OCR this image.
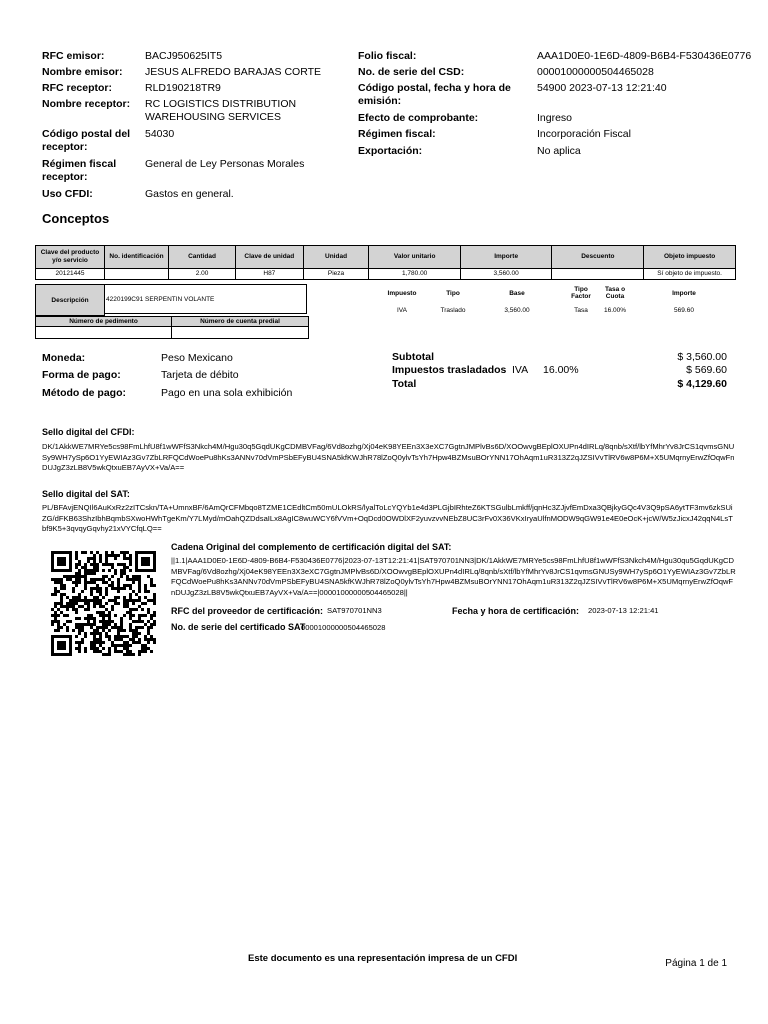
RFC emisor:	BACJ950625IT5
Nombre emisor:	JESUS ALFREDO BARAJAS CORTE
RFC receptor:	RLD190218TR9
Nombre receptor:	RC LOGISTICS DISTRIBUTION WAREHOUSING SERVICES
Código postal del receptor:
54030
Régimen fiscal receptor:
General de Ley Personas Morales
Uso CFDI:	Gastos en general.
Folio fiscal:	AAA1D0E0-1E6D-4809-B6B4-F530436E0776
No. de serie del CSD:	00001000000504465028
Código postal, fecha y hora de emisión:
54900 2023-07-13 12:21:40
Efecto de comprobante:	Ingreso
Régimen fiscal:	Incorporación Fiscal
Exportación:	No aplica
Conceptos
Clave del producto y/o servicio	No. identificación	Cantidad	Clave de unidad	Unidad	Valor unitario	Importe	Descuento	Objeto impuesto
20121445		2.00	H87	Pieza	1,780.00	3,560.00		Sí objeto de impuesto.
Descripción	4220199C91 SERPENTIN VOLANTE
Impuesto	Tipo	Base	Tipo Factor	Tasa o Cuota	Importe
IVA	Traslado	3,560.00	Tasa	16.00%	569.60
Número de pedimento	Número de cuenta predial
Moneda:	Peso Mexicano
Forma de pago:	Tarjeta de débito
Método de pago:	Pago en una sola exhibición
Subtotal	$ 3,560.00
Impuestos trasladados IVA 16.00%	$ 569.60
Total	$ 4,129.60
Sello digital del CFDI:
DK/1AkkWE7MRYe5cs98FmLhfU8f1wWFfS3Nkch4M/Hgu30q5GqdUKgCDMBVFag/6Vd8ozhg/Xj04eK98YEEn3X3eXC7GgtnJMPlvBs6D/XOOwvgBEplOXUPn4dIRLq/8qnb/sXtf/lbYfMhrYv8JrCS1qvmsGNUSy9WH7ySp6O1YyEWIAz3Gv7ZbLRFQCdWoePu8hKs3ANNv70dVmPSbEFyBU4SNA5kfKWJhR78lZoQ0ylvTsYh7Hpw4BZMsuBOrYNN17OhAqm1uR313Z2qJZSIVvTlRV6w8P6M+X5UMqrnyErwZfOqwFnDUJgZ3zLB8V5wkQtxuEB7AyVX+Va/A==
Sello digital del SAT:
PL/BFAvjENQIl6AuKxRz2zITCskn/TA+UmnxBF/6AmQrCFMbqo8TZME1CEdltCm50mULOkRS/lyalToLcYQYb1e4d3PLGjbIRhteZ6KTSGulbLmkff/jqnHc3ZJjvfEmDxa3QBjkyGQc4V3Q9pSA6ytTF3mv6zkSUiZG/dFKB63ShzIbhBqmbSXwoHWhTgeKm/Y7LMyd/mOahQZDdsaILx8AgIC8wuWCY6fVVm+OqDcd0OWDlXF2yuvzvvNEbZ8UC3rFv0X36VKxIryaUlfnMODW9qGW91e4E0eOcK+jcW/W5zJicxJ42qqN4LsTbf9K5+3qvqyGqvhy21xVYCfqLQ==
Cadena Original del complemento de certificación digital del SAT:
||1.1|AAA1D0E0-1E6D-4809-B6B4-F530436E0776|2023-07-13T12:21:41|SAT970701NN3|DK/1AkkWE7MRYe5cs98FmLhfU8f1wWFfS3Nkch4M/Hgu30qu5GqdUKgCDMBVFag/6Vd8ozhg/Xj04eK98YEEn3X3eXC7GgtnJMPlvBs6D/XOOwvgBEplOXUPn4dIRLq/8qnb/sXtf/lbYfMhrYv8JrCS1qvmsGNUSy9WH7ySp6O1YyEWIAz3Gv7ZbLRFQCdWoePu8hKs3ANNv70dVmPSbEFyBU4SNA5kfKWJhR78lZoQ0ylvTsYh7Hpw4BZMsuBOrYNN17OhAqm1uR313Z2qJZSIVvTlRV6w8P6M+X5UMqrnyErwZfOqwFnDUJgZ3zLB8V5wkQtxuEB7AyVX+Va/A==|00001000000504465028||
RFC del proveedor de certificación: SAT970701NN3	Fecha y hora de certificación: 2023-07-13 12:21:41
No. de serie del certificado SAT
00001000000504465028
Este documento es una representación impresa de un CFDI	Página 1 de 1
